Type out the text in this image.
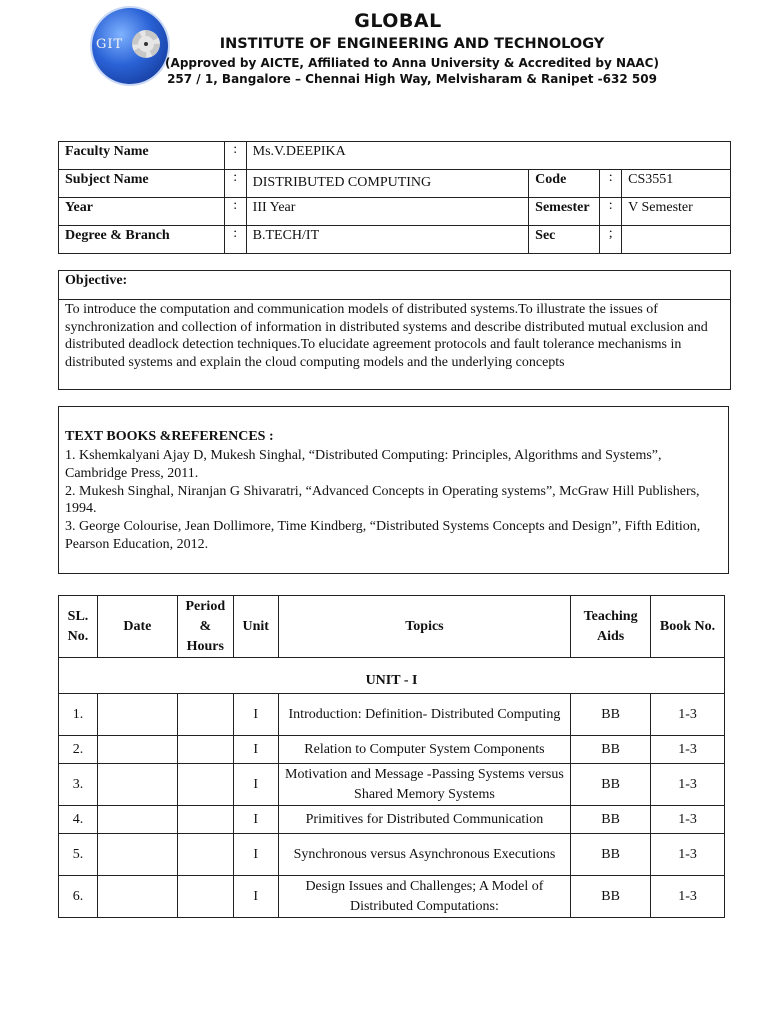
GIT
GLOBAL
INSTITUTE OF ENGINEERING AND TECHNOLOGY
(Approved by AICTE, Affiliated to Anna University & Accredited by NAAC)
257 / 1, Bangalore – Chennai High Way, Melvisharam & Ranipet -632 509
Faculty Name	:	Ms.V.DEEPIKA			
Subject Name	:	DISTRIBUTED COMPUTING	Code	:	CS3551
Year	:	III Year	Semester	:	V Semester
Degree & Branch	:	B.TECH/IT	Sec	;	
Objective:
To introduce the computation and communication models of distributed systems.To illustrate the issues of synchronization and collection of information in distributed systems and describe distributed mutual exclusion and distributed deadlock detection techniques.To elucidate agreement protocols and fault tolerance mechanisms in distributed systems and explain the cloud computing models and the underlying concepts
TEXT BOOKS &REFERENCES :
1. Kshemkalyani Ajay D, Mukesh Singhal, “Distributed Computing: Principles, Algorithms and Systems”, Cambridge Press, 2011.
2. Mukesh Singhal, Niranjan G Shivaratri, “Advanced Concepts in Operating systems”, McGraw Hill Publishers, 1994.
3. George Colourise, Jean Dollimore, Time Kindberg, “Distributed Systems Concepts and Design”, Fifth Edition, Pearson Education, 2012.
SL. No.	Date	Period & Hours	Unit	Topics	Teaching Aids	Book No.
UNIT - I						
1.			I	Introduction: Definition- Distributed Computing	BB	1-3
2.			I	Relation to Computer System Components	BB	1-3
3.			I	Motivation and Message -Passing Systems versus Shared Memory Systems	BB	1-3
4.			I	Primitives for Distributed Communication	BB	1-3
5.			I	Synchronous versus Asynchronous Executions	BB	1-3
6.			I	Design Issues and Challenges; A Model of Distributed Computations:	BB	1-3
